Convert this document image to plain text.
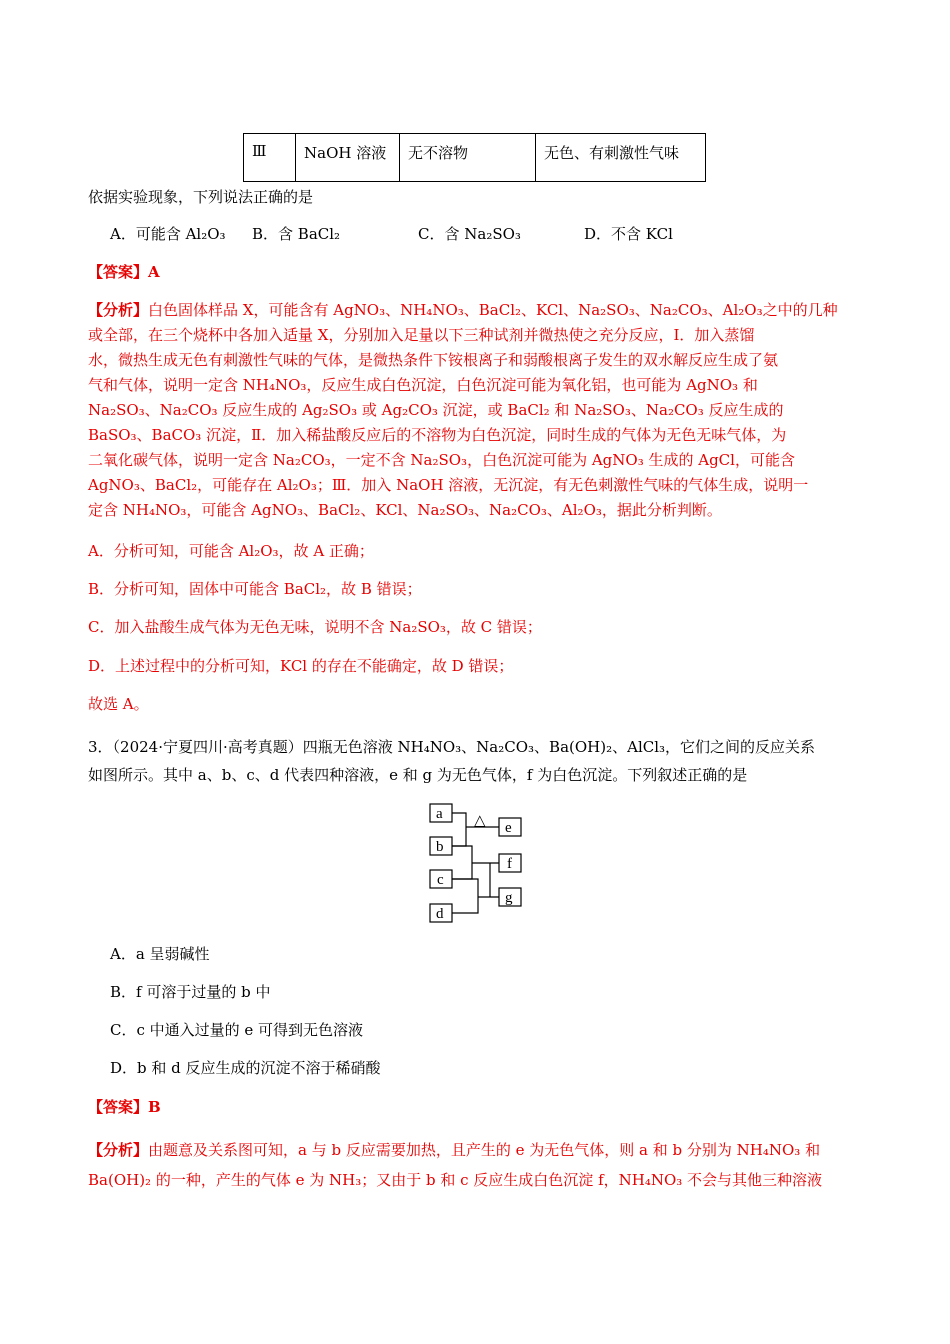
Ⅲ	NaOH 溶液	无不溶物	无色、有刺激性气味
依据实验现象，下列说法正确的是
A．可能含 Al₂O₃ B．含 BaCl₂	C．含 Na₂SO₃	D．不含 KCl
【答案】A
【分析】白色固体样品 X，可能含有 AgNO₃、NH₄NO₃、BaCl₂、KCl、Na₂SO₃、Na₂CO₃、Al₂O₃之中的几种
或全部，在三个烧杯中各加入适量 X，分别加入足量以下三种试剂并微热使之充分反应，Ⅰ．加入蒸馏
水，微热生成无色有刺激性气味的气体，是微热条件下铵根离子和弱酸根离子发生的双水解反应生成了氨
气和气体，说明一定含 NH₄NO₃，反应生成白色沉淀，白色沉淀可能为氧化铝，也可能为 AgNO₃ 和
Na₂SO₃、Na₂CO₃ 反应生成的 Ag₂SO₃ 或 Ag₂CO₃ 沉淀，或 BaCl₂ 和 Na₂SO₃、Na₂CO₃ 反应生成的
BaSO₃、BaCO₃ 沉淀，Ⅱ．加入稀盐酸反应后的不溶物为白色沉淀，同时生成的气体为无色无味气体，为
二氧化碳气体，说明一定含 Na₂CO₃，一定不含 Na₂SO₃，白色沉淀可能为 AgNO₃ 生成的 AgCl，可能含
AgNO₃、BaCl₂，可能存在 Al₂O₃；Ⅲ．加入 NaOH 溶液，无沉淀，有无色刺激性气味的气体生成，说明一
定含 NH₄NO₃，可能含 AgNO₃、BaCl₂、KCl、Na₂SO₃、Na₂CO₃、Al₂O₃，据此分析判断。
A．分析可知，可能含 Al₂O₃，故 A 正确；
B．分析可知，固体中可能含 BaCl₂，故 B 错误；
C．加入盐酸生成气体为无色无味，说明不含 Na₂SO₃，故 C 错误；
D．上述过程中的分析可知，KCl 的存在不能确定，故 D 错误；
故选 A。
3．（2024·宁夏四川·高考真题）四瓶无色溶液 NH₄NO₃、Na₂CO₃、Ba(OH)₂、AlCl₃，它们之间的反应关系
如图所示。其中 a、b、c、d 代表四种溶液，e 和 g 为无色气体，f 为白色沉淀。下列叙述正确的是
a
b
c
d
e
f
g
△
A．a 呈弱碱性
B．f 可溶于过量的 b 中
C．c 中通入过量的 e 可得到无色溶液
D．b 和 d 反应生成的沉淀不溶于稀硝酸
【答案】B
【分析】由题意及关系图可知，a 与 b 反应需要加热，且产生的 e 为无色气体，则 a 和 b 分别为 NH₄NO₃ 和
Ba(OH)₂ 的一种，产生的气体 e 为 NH₃；又由于 b 和 c 反应生成白色沉淀 f，NH₄NO₃ 不会与其他三种溶液
